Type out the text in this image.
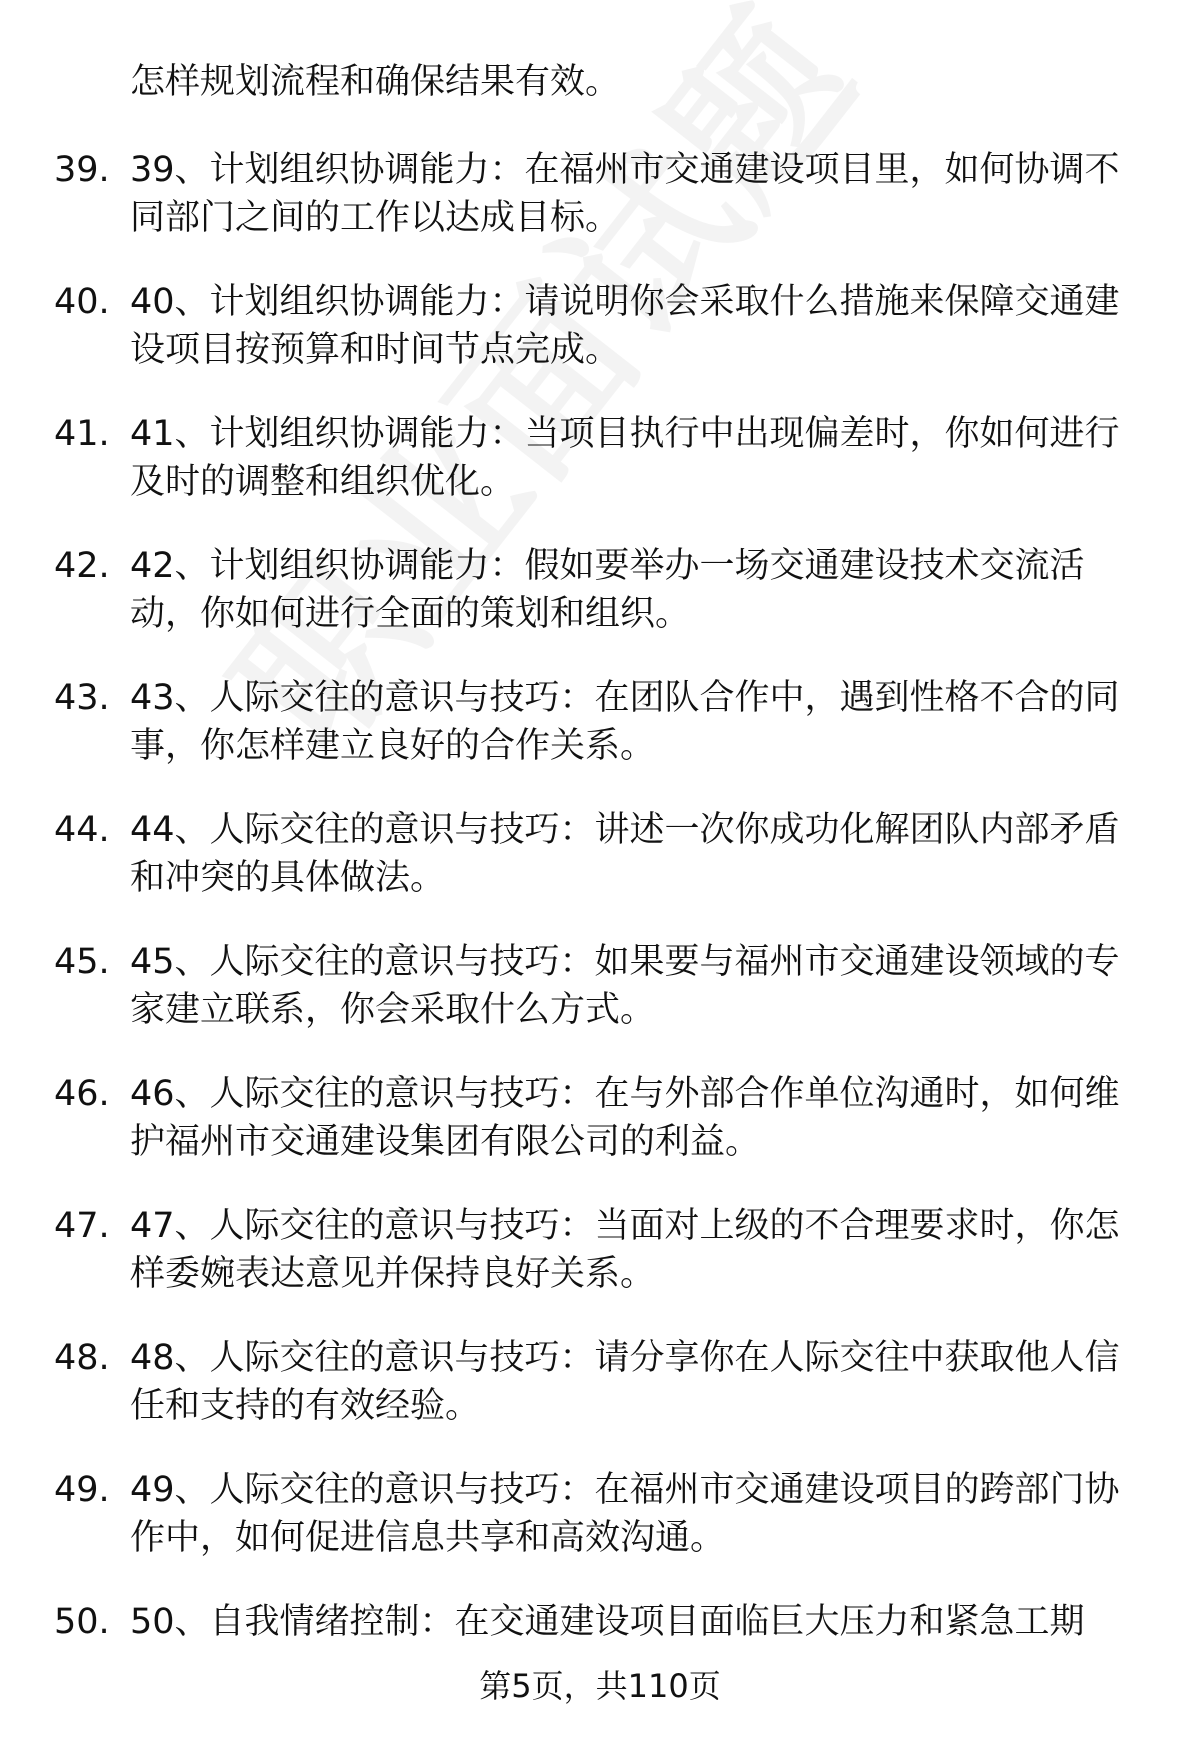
怎样规划流程和确保结果有效。
39. 39、计划组织协调能力：在福州市交通建设项目里，如何协调不同部门之间的工作以达成目标。
40. 40、计划组织协调能力：请说明你会采取什么措施来保障交通建设项目按预算和时间节点完成。
41. 41、计划组织协调能力：当项目执行中出现偏差时，你如何进行及时的调整和组织优化。
42. 42、计划组织协调能力：假如要举办一场交通建设技术交流活动，你如何进行全面的策划和组织。
43. 43、人际交往的意识与技巧：在团队合作中，遇到性格不合的同事，你怎样建立良好的合作关系。
44. 44、人际交往的意识与技巧：讲述一次你成功化解团队内部矛盾和冲突的具体做法。
45. 45、人际交往的意识与技巧：如果要与福州市交通建设领域的专家建立联系，你会采取什么方式。
46. 46、人际交往的意识与技巧：在与外部合作单位沟通时，如何维护福州市交通建设集团有限公司的利益。
47. 47、人际交往的意识与技巧：当面对上级的不合理要求时，你怎样委婉表达意见并保持良好关系。
48. 48、人际交往的意识与技巧：请分享你在人际交往中获取他人信任和支持的有效经验。
49. 49、人际交往的意识与技巧：在福州市交通建设项目的跨部门协作中，如何促进信息共享和高效沟通。
50. 50、自我情绪控制：在交通建设项目面临巨大压力和紧急工期
第5页，共110页
